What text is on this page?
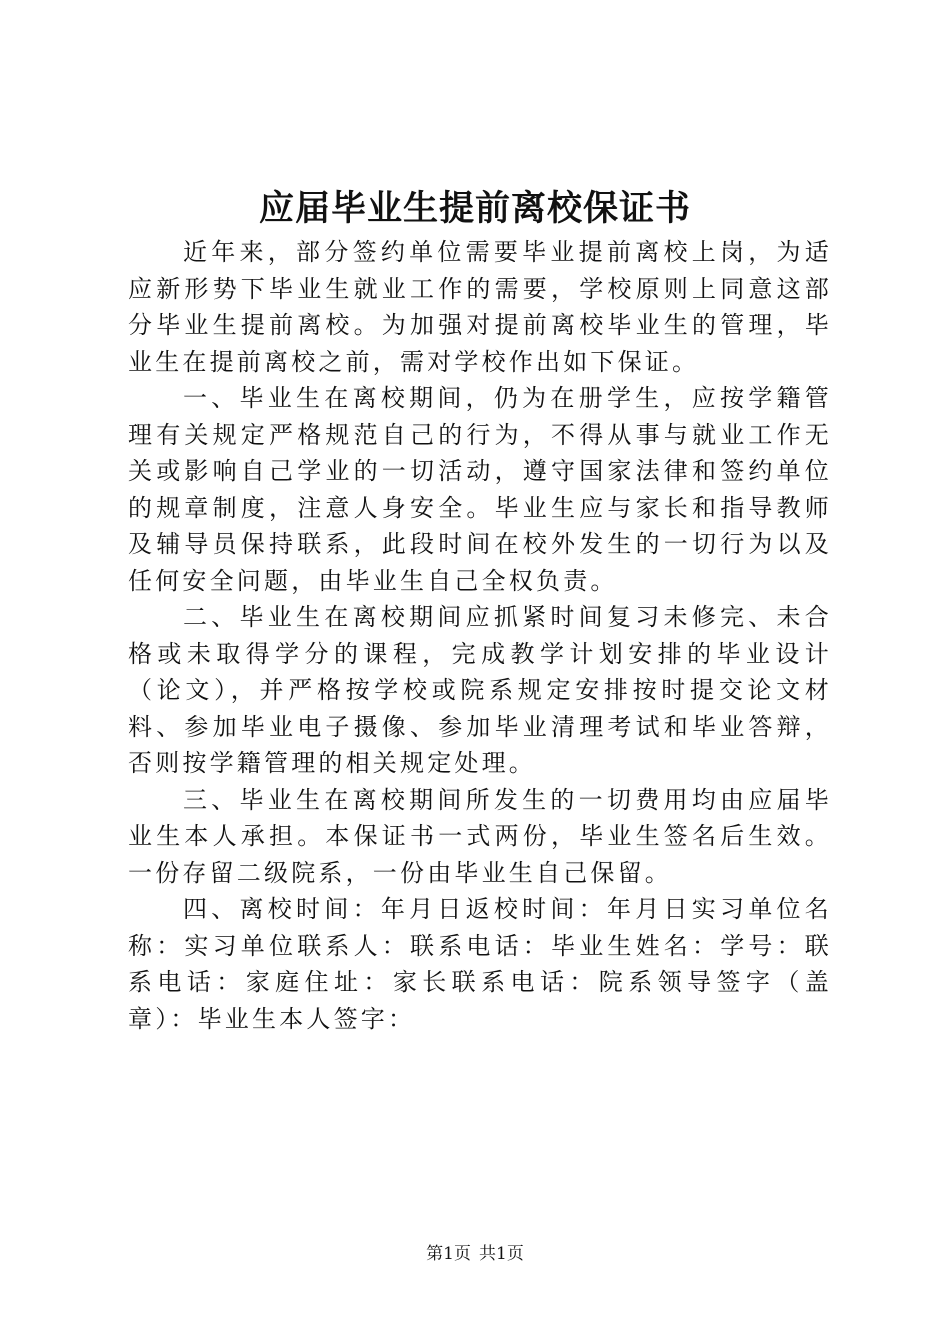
应届毕业生提前离校保证书

近年来，部分签约单位需要毕业提前离校上岗，为适应新形势下毕业生就业工作的需要，学校原则上同意这部分毕业生提前离校。为加强对提前离校毕业生的管理，毕业生在提前离校之前，需对学校作出如下保证。

一、毕业生在离校期间，仍为在册学生，应按学籍管理有关规定严格规范自己的行为，不得从事与就业工作无关或影响自己学业的一切活动，遵守国家法律和签约单位的规章制度，注意人身安全。毕业生应与家长和指导教师及辅导员保持联系，此段时间在校外发生的一切行为以及任何安全问题，由毕业生自己全权负责。

二、毕业生在离校期间应抓紧时间复习未修完、未合格或未取得学分的课程，完成教学计划安排的毕业设计（论文），并严格按学校或院系规定安排按时提交论文材料、参加毕业电子摄像、参加毕业清理考试和毕业答辩，否则按学籍管理的相关规定处理。

三、毕业生在离校期间所发生的一切费用均由应届毕业生本人承担。本保证书一式两份，毕业生签名后生效。一份存留二级院系，一份由毕业生自己保留。

四、离校时间：年月日返校时间：年月日实习单位名称：实习单位联系人：联系电话：毕业生姓名：学号：联系电话：家庭住址：家长联系电话：院系领导签字（盖章）：毕业生本人签字：

第1页 共1页
